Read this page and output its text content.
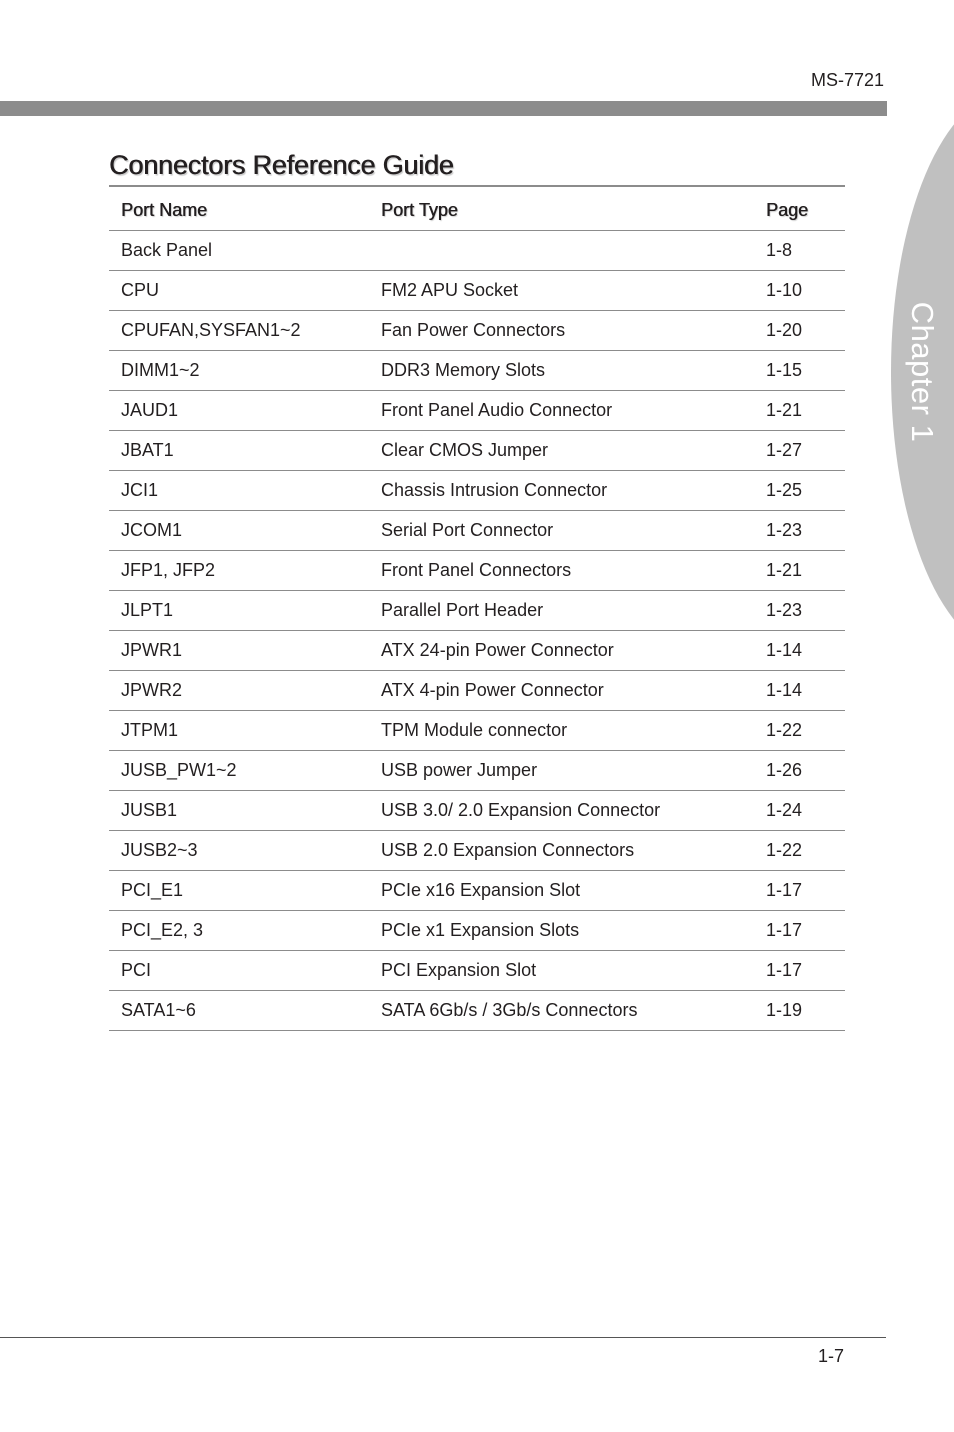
MS-7721
Chapter 1
Connectors Reference Guide
Port Name	Port Type	Page
Back Panel		1-8
CPU	FM2 APU Socket	1-10
CPUFAN,SYSFAN1~2	Fan Power Connectors	1-20
DIMM1~2	DDR3 Memory Slots	1-15
JAUD1	Front Panel Audio Connector	1-21
JBAT1	Clear CMOS Jumper	1-27
JCI1	Chassis Intrusion Connector	1-25
JCOM1	Serial Port Connector	1-23
JFP1, JFP2	Front Panel Connectors	1-21
JLPT1	Parallel Port Header	1-23
JPWR1	ATX 24-pin Power Connector	1-14
JPWR2	ATX 4-pin Power Connector	1-14
JTPM1	TPM Module connector	1-22
JUSB_PW1~2	USB power Jumper	1-26
JUSB1	USB 3.0/ 2.0 Expansion Connector	1-24
JUSB2~3	USB 2.0 Expansion Connectors	1-22
PCI_E1	PCIe x16 Expansion Slot	1-17
PCI_E2, 3	PCIe x1 Expansion Slots	1-17
PCI	PCI Expansion Slot	1-17
SATA1~6	SATA 6Gb/s / 3Gb/s Connectors	1-19
1-7
